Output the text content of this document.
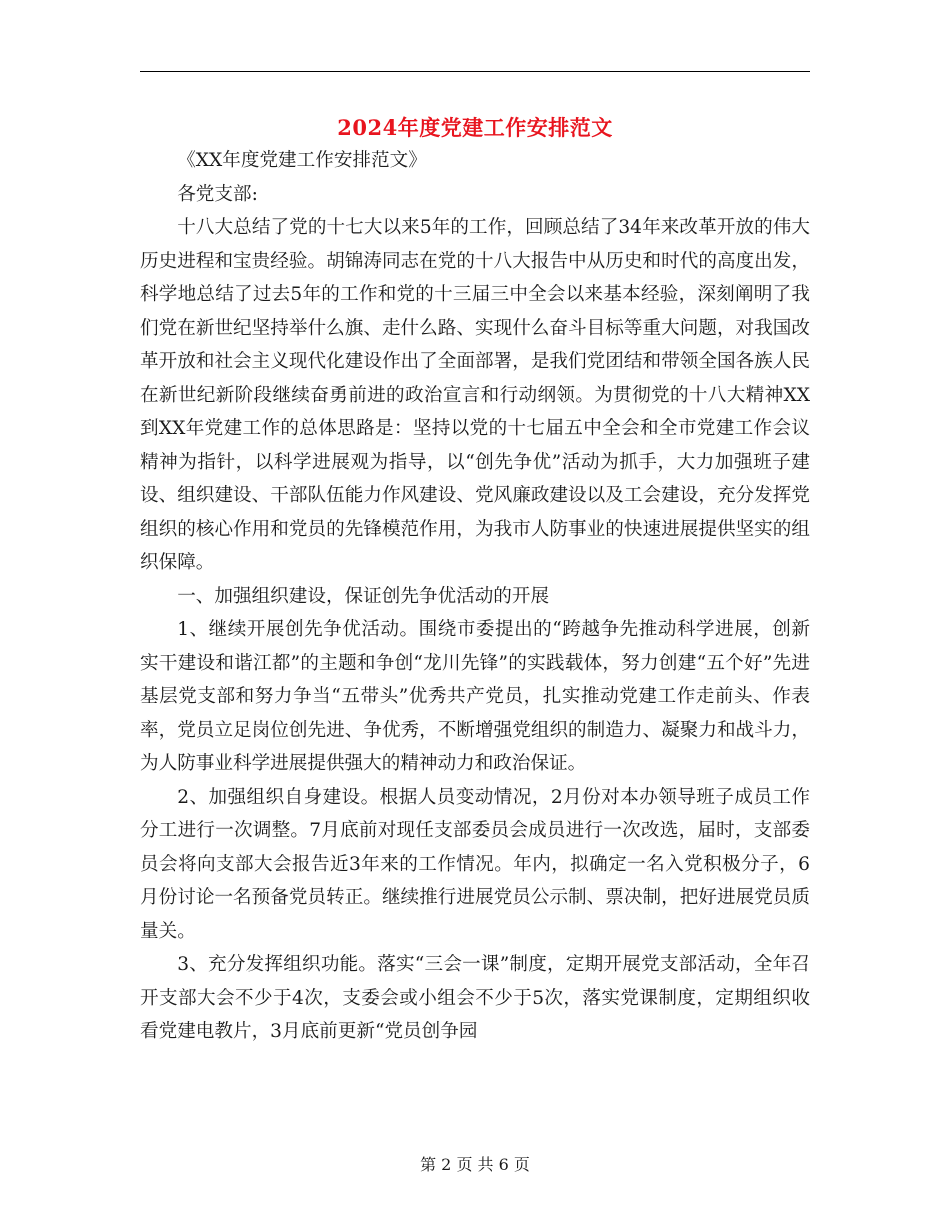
2024年度党建工作安排范文

《XX年度党建工作安排范文》

各党支部:

十八大总结了党的十七大以来5年的工作，回顾总结了34年来改革开放的伟大历史进程和宝贵经验。胡锦涛同志在党的十八大报告中从历史和时代的高度出发，科学地总结了过去5年的工作和党的十三届三中全会以来基本经验，深刻阐明了我们党在新世纪坚持举什么旗、走什么路、实现什么奋斗目标等重大问题，对我国改革开放和社会主义现代化建设作出了全面部署，是我们党团结和带领全国各族人民在新世纪新阶段继续奋勇前进的政治宣言和行动纲领。为贯彻党的十八大精神XX到XX年党建工作的总体思路是：坚持以党的十七届五中全会和全市党建工作会议精神为指针，以科学进展观为指导，以“创先争优”活动为抓手，大力加强班子建设、组织建设、干部队伍能力作风建设、党风廉政建设以及工会建设，充分发挥党组织的核心作用和党员的先锋模范作用，为我市人防事业的快速进展提供坚实的组织保障。

一、加强组织建设，保证创先争优活动的开展

1、继续开展创先争优活动。围绕市委提出的“跨越争先推动科学进展，创新实干建设和谐江都”的主题和争创“龙川先锋”的实践载体，努力创建“五个好”先进基层党支部和努力争当“五带头”优秀共产党员，扎实推动党建工作走前头、作表率，党员立足岗位创先进、争优秀，不断增强党组织的制造力、凝聚力和战斗力，为人防事业科学进展提供强大的精神动力和政治保证。

2、加强组织自身建设。根据人员变动情况，2月份对本办领导班子成员工作分工进行一次调整。7月底前对现任支部委员会成员进行一次改选，届时，支部委员会将向支部大会报告近3年来的工作情况。年内，拟确定一名入党积极分子，6月份讨论一名预备党员转正。继续推行进展党员公示制、票决制，把好进展党员质量关。

3、充分发挥组织功能。落实“三会一课”制度，定期开展党支部活动，全年召开支部大会不少于4次，支委会或小组会不少于5次，落实党课制度，定期组织收看党建电教片，3月底前更新“党员创争园

第 2 页 共 6 页
